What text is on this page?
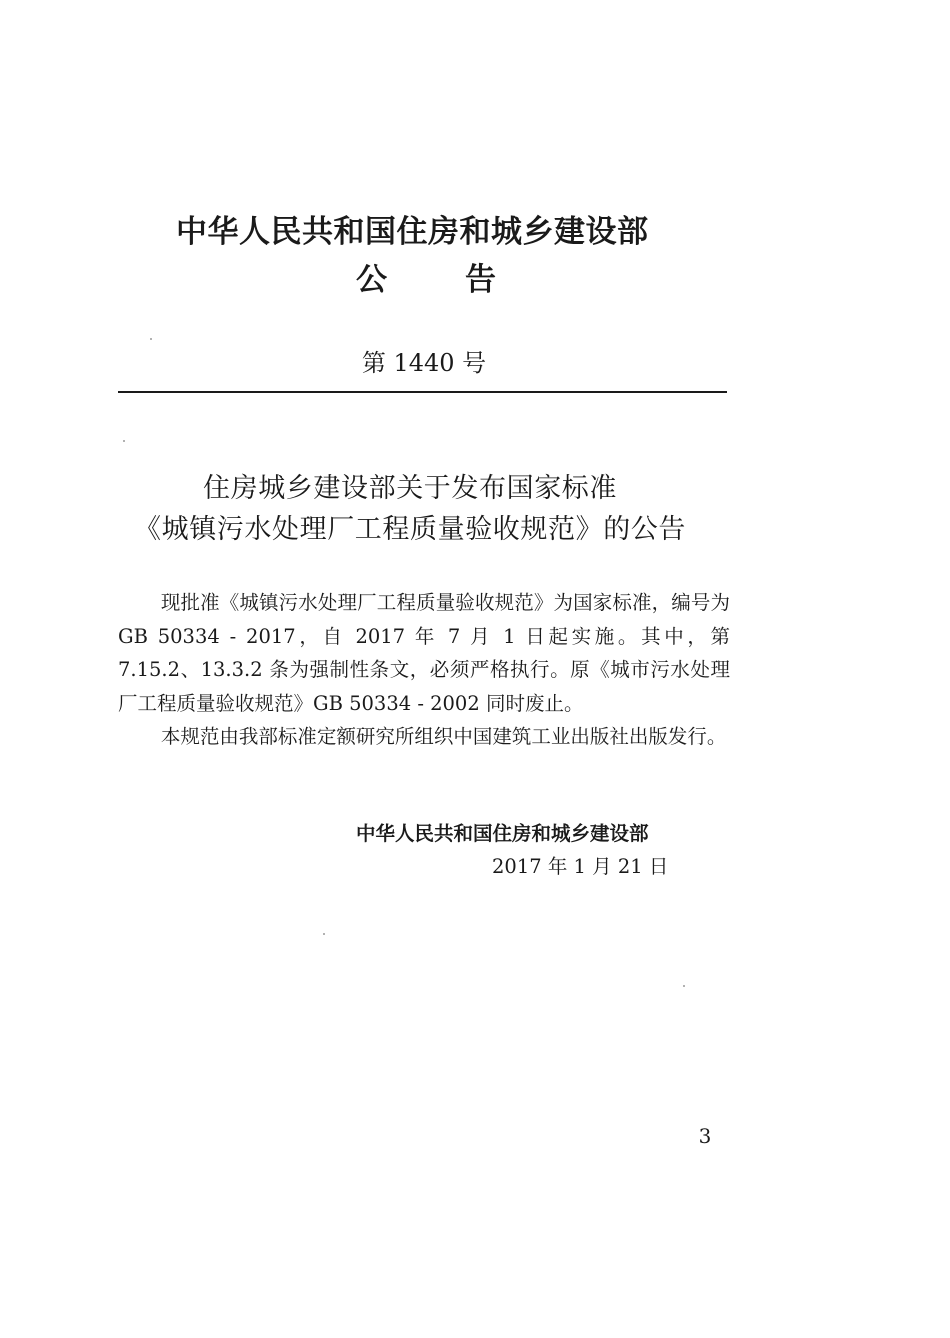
中华人民共和国住房和城乡建设部
公	告
第 1440 号
住房城乡建设部关于发布国家标准
《城镇污水处理厂工程质量验收规范》的公告

现批准《城镇污水处理厂工程质量验收规范》为国家标准，编号为 GB 50334 - 2017，自 2017 年 7 月 1 日起实施。其中，第 7.15.2、13.3.2 条为强制性条文，必须严格执行。原《城市污水处理厂工程质量验收规范》GB 50334 - 2002 同时废止。

本规范由我部标准定额研究所组织中国建筑工业出版社出版发行。

中华人民共和国住房和城乡建设部
2017 年 1 月 21 日
3
